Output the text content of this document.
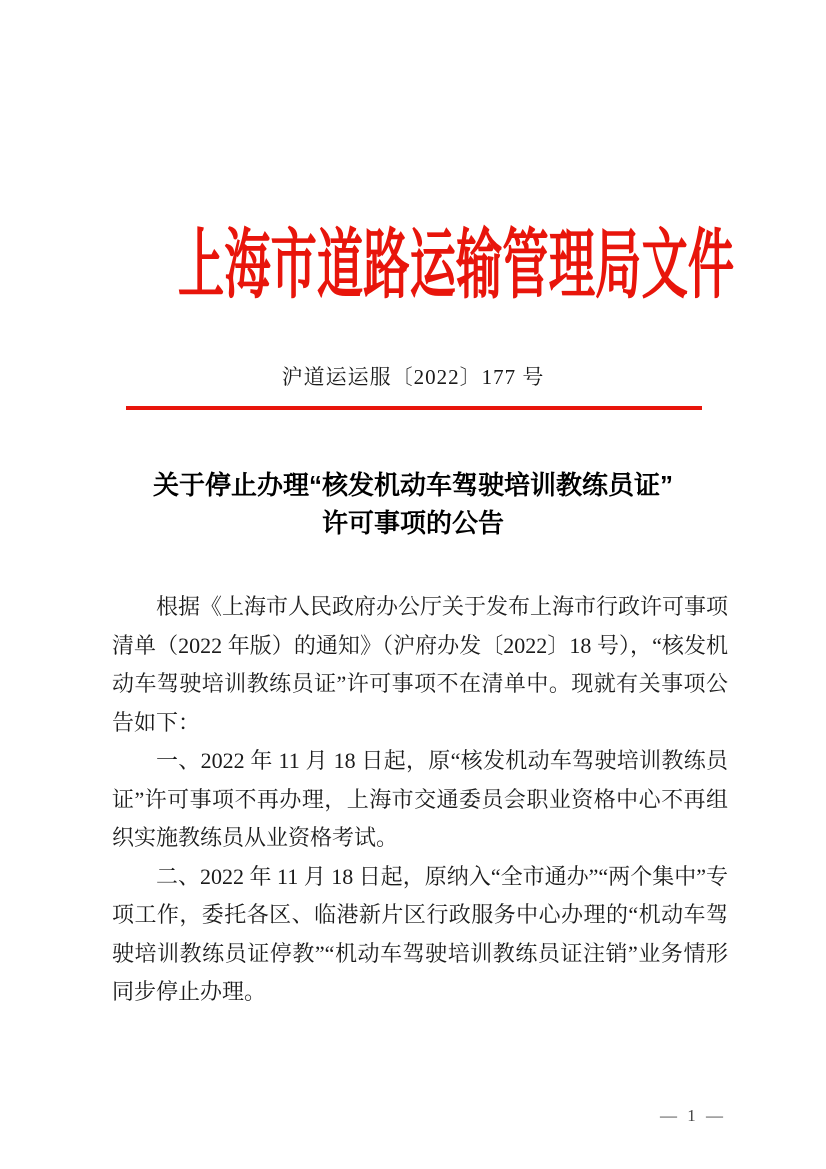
上海市道路运输管理局文件
沪道运运服〔2022〕177 号
关于停止办理“核发机动车驾驶培训教练员证”
许可事项的公告

根据《上海市人民政府办公厅关于发布上海市行政许可事项清单（2022 年版）的通知》（沪府办发〔2022〕18 号），“核发机动车驾驶培训教练员证”许可事项不在清单中。现就有关事项公告如下：

一、2022 年 11 月 18 日起，原“核发机动车驾驶培训教练员证”许可事项不再办理，上海市交通委员会职业资格中心不再组织实施教练员从业资格考试。

二、2022 年 11 月 18 日起，原纳入“全市通办”“两个集中”专项工作，委托各区、临港新片区行政服务中心办理的“机动车驾驶培训教练员证停教”“机动车驾驶培训教练员证注销”业务情形同步停止办理。

— 1 —
